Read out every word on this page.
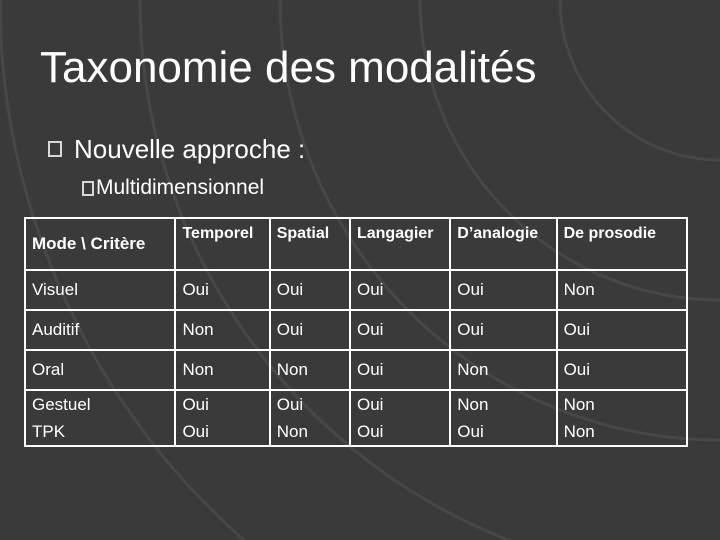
Taxonomie des modalités
Nouvelle approche :
Multidimensionnel
Mode \ Critère	Temporel	Spatial	Langagier	D’analogie	De prosodie
Visuel	Oui	Oui	Oui	Oui	Non
Auditif	Non	Oui	Oui	Oui	Oui
Oral	Non	Non	Oui	Non	Oui
Gestuel	Oui	Oui	Oui	Non	Non
TPK	Oui	Non	Oui	Oui	Non
